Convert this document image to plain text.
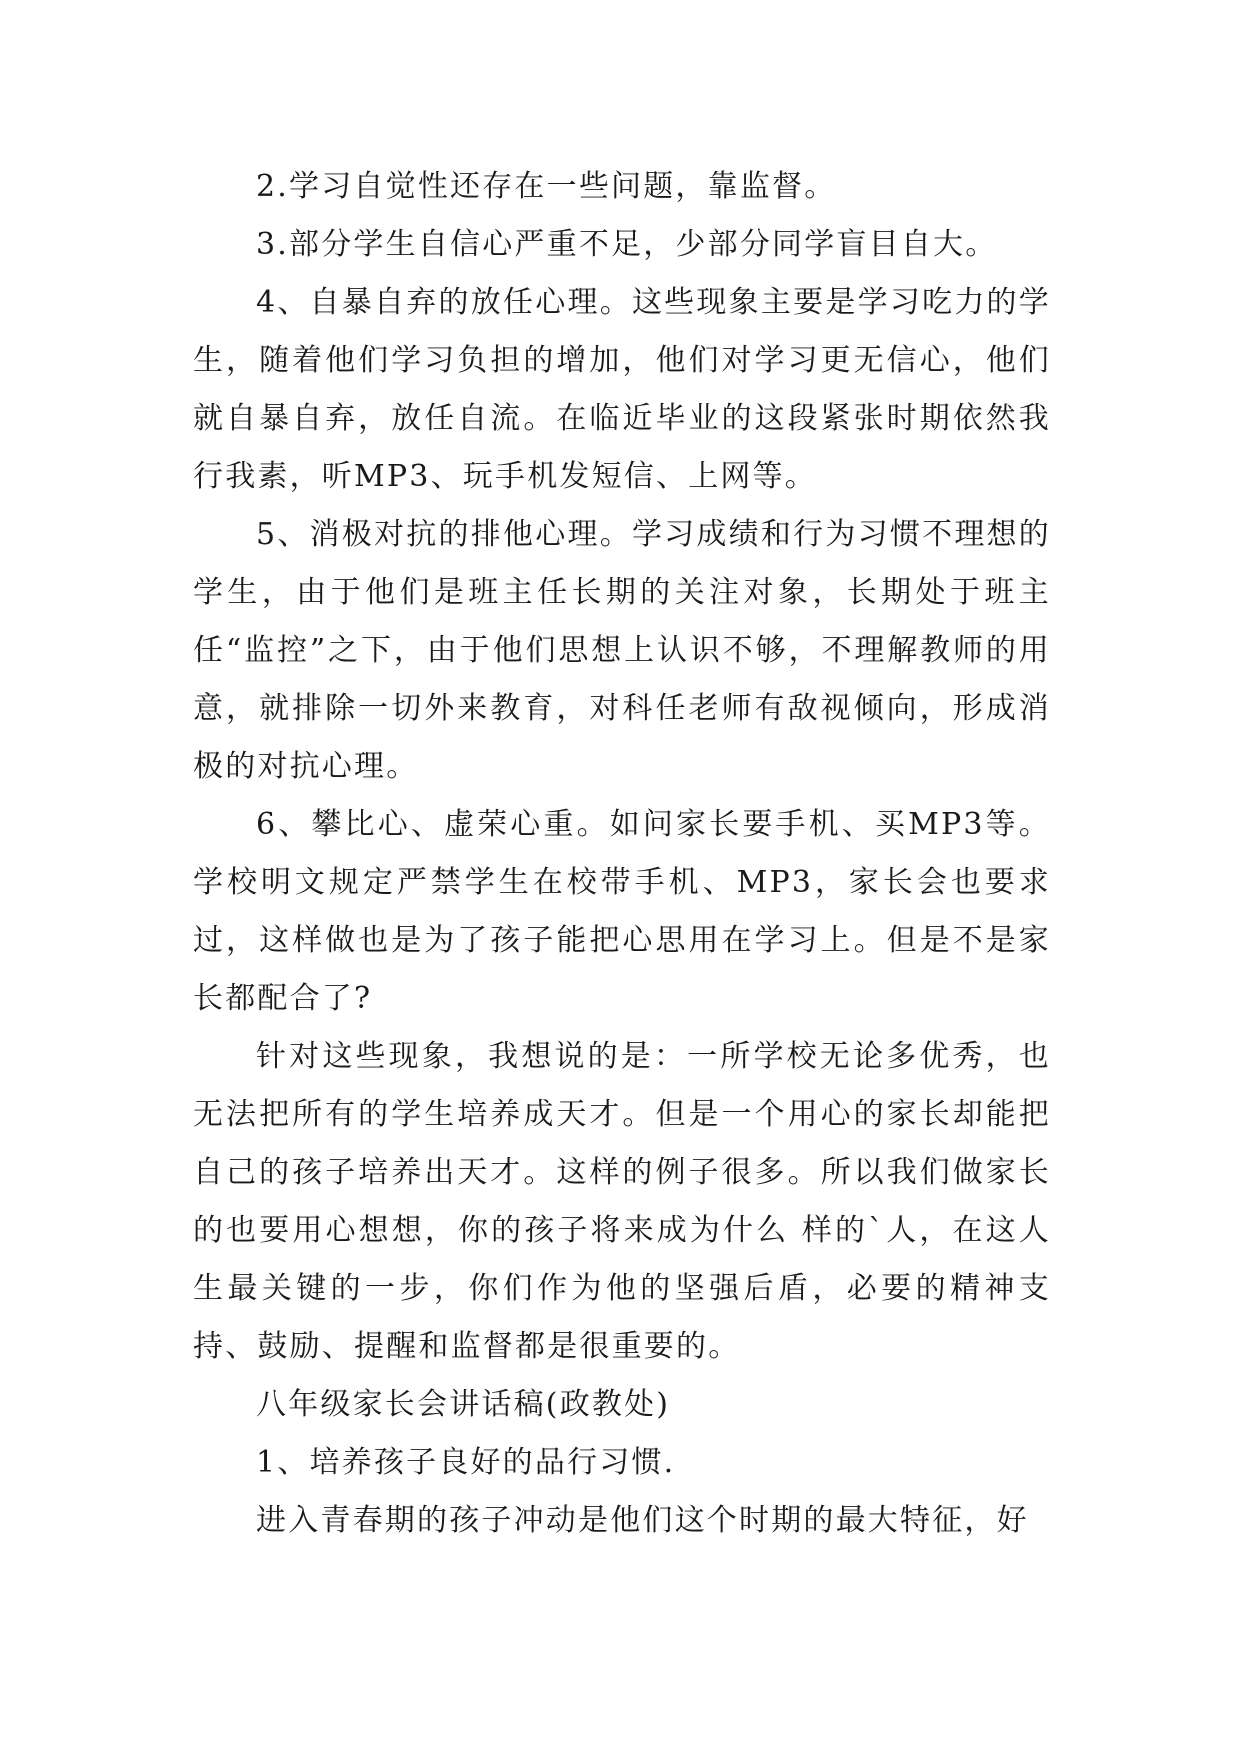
2.学习自觉性还存在一些问题，靠监督。

3.部分学生自信心严重不足，少部分同学盲目自大。

4、自暴自弃的放任心理。这些现象主要是学习吃力的学生，随着他们学习负担的增加，他们对学习更无信心，他们就自暴自弃，放任自流。在临近毕业的这段紧张时期依然我行我素，听MP3、玩手机发短信、上网等。

5、消极对抗的排他心理。学习成绩和行为习惯不理想的学生，由于他们是班主任长期的关注对象，长期处于班主任“监控”之下，由于他们思想上认识不够，不理解教师的用意，就排除一切外来教育，对科任老师有敌视倾向，形成消极的对抗心理。

6、攀比心、虚荣心重。如问家长要手机、买MP3等。学校明文规定严禁学生在校带手机、MP3，家长会也要求过，这样做也是为了孩子能把心思用在学习上。但是不是家长都配合了?

针对这些现象，我想说的是：一所学校无论多优秀，也无法把所有的学生培养成天才。但是一个用心的家长却能把自己的孩子培养出天才。这样的例子很多。所以我们做家长的也要用心想想，你的孩子将来成为什么 样的`人，在这人生最关键的一步，你们作为他的坚强后盾，必要的精神支持、鼓励、提醒和监督都是很重要的。

八年级家长会讲话稿(政教处)

1、培养孩子良好的品行习惯.

进入青春期的孩子冲动是他们这个时期的最大特征，好
